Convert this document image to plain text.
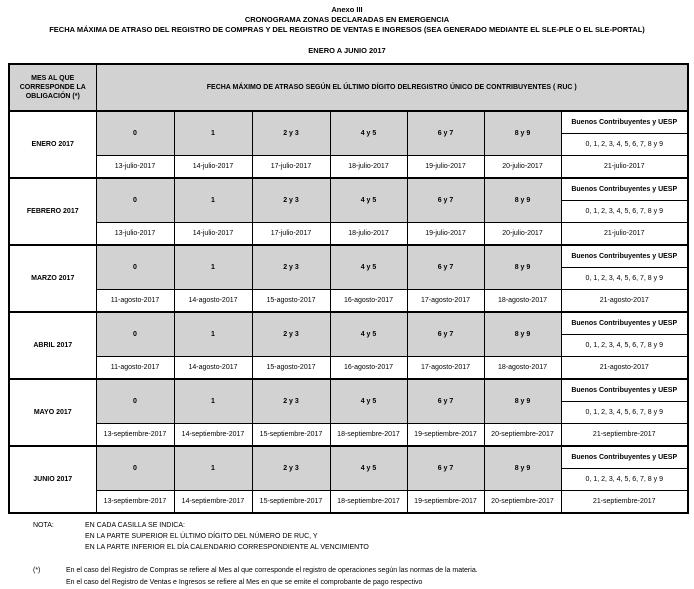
Anexo III
CRONOGRAMA ZONAS DECLARADAS EN EMERGENCIA
FECHA MÁXIMA DE ATRASO DEL REGISTRO DE COMPRAS Y DEL REGISTRO DE VENTAS E INGRESOS (SEA GENERADO MEDIANTE EL SLE-PLE O EL SLE-PORTAL)
ENERO A JUNIO 2017
MES AL QUE CORRESPONDE LA OBLIGACIÓN (*)	FECHA MÁXIMO DE ATRASO SEGÚN EL ÚLTIMO DÍGITO DELREGISTRO ÚNICO DE CONTRIBUYENTES ( RUC )						
ENERO 2017	0	1	2 y 3	4 y 5	6 y 7	8 y 9	Buenos Contribuyentes y UESP
							0, 1, 2, 3, 4, 5, 6, 7, 8 y 9
	13-julio-2017	14-julio-2017	17-julio-2017	18-julio-2017	19-julio-2017	20-julio-2017	21-julio-2017
FEBRERO 2017	0	1	2 y 3	4 y 5	6 y 7	8 y 9	Buenos Contribuyentes y UESP
							0, 1, 2, 3, 4, 5, 6, 7, 8 y 9
	13-julio-2017	14-julio-2017	17-julio-2017	18-julio-2017	19-julio-2017	20-julio-2017	21-julio-2017
MARZO 2017	0	1	2 y 3	4 y 5	6 y 7	8 y 9	Buenos Contribuyentes y UESP
							0, 1, 2, 3, 4, 5, 6, 7, 8 y 9
	11-agosto-2017	14-agosto-2017	15-agosto-2017	16-agosto-2017	17-agosto-2017	18-agosto-2017	21-agosto-2017
ABRIL 2017	0	1	2 y 3	4 y 5	6 y 7	8 y 9	Buenos Contribuyentes y UESP
							0, 1, 2, 3, 4, 5, 6, 7, 8 y 9
	11-agosto-2017	14-agosto-2017	15-agosto-2017	16-agosto-2017	17-agosto-2017	18-agosto-2017	21-agosto-2017
MAYO 2017	0	1	2 y 3	4 y 5	6 y 7	8 y 9	Buenos Contribuyentes y UESP
							0, 1, 2, 3, 4, 5, 6, 7, 8 y 9
	13-septiembre-2017	14-septiembre-2017	15-septiembre-2017	18-septiembre-2017	19-septiembre-2017	20-septiembre-2017	21-septiembre-2017
JUNIO 2017	0	1	2 y 3	4 y 5	6 y 7	8 y 9	Buenos Contribuyentes y UESP
							0, 1, 2, 3, 4, 5, 6, 7, 8 y 9
	13-septiembre-2017	14-septiembre-2017	15-septiembre-2017	18-septiembre-2017	19-septiembre-2017	20-septiembre-2017	21-septiembre-2017
NOTA:	EN CADA CASILLA SE INDICA:
EN LA PARTE SUPERIOR EL ÚLTIMO DÍGITO DEL NÚMERO DE RUC, Y
EN LA PARTE INFERIOR EL DÍA CALENDARIO CORRESPONDIENTE AL VENCIMIENTO
(*)	En el caso del Registro de Compras se refiere al Mes al que corresponde el registro de operaciones según las normas de la materia.
En el caso del Registro de Ventas e Ingresos se refiere al Mes en que se emite el comprobante de pago respectivo
